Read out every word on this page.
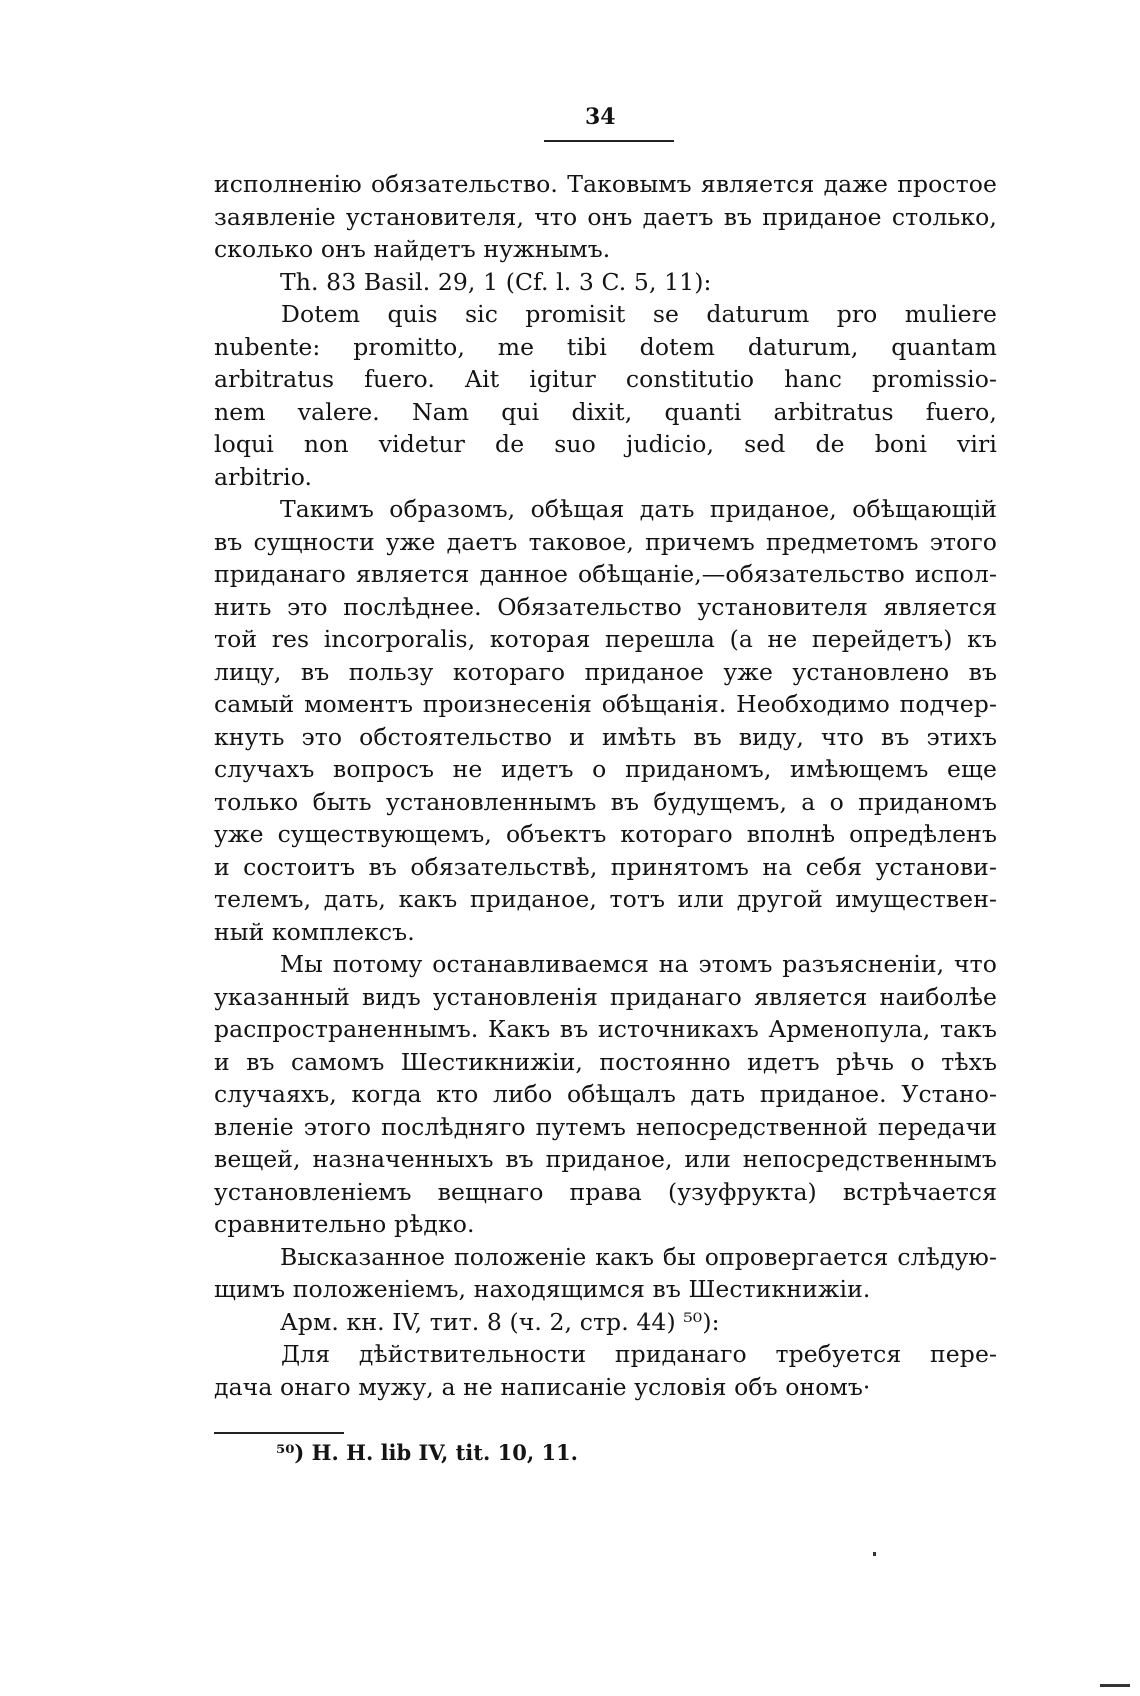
34

исполненiю обязательство. Таковымъ является даже простое
заявленiе установителя, что онъ даетъ въ приданое столько,
сколько онъ найдетъ нужнымъ.

Th. 83 Basil. 29, 1 (Cf. l. 3 C. 5, 11):

Dotem quis sic promisit se daturum pro muliere
nubente: promitto, me tibi dotem daturum, quantam
arbitratus fuero. Ait igitur constitutio hanc promissio-
nem valere. Nam qui dixit, quanti arbitratus fuero,
loqui non videtur de suo judicio, sed de boni viri
arbitrio.

Такимъ образомъ, обѣщая дать приданое, обѣщающiй
въ сущности уже даетъ таковое, причемъ предметомъ этого
приданаго является данное обѣщанiе,—обязательство испол-
нить это послѣднее. Обязательство установителя является
той res incorporalis, которая перешла (а не перейдетъ) къ
лицу, въ пользу котораго приданое уже установлено въ
самый моментъ произнесенiя обѣщанiя. Необходимо подчер-
кнуть это обстоятельство и имѣть въ виду, что въ этихъ
случахъ вопросъ не идетъ о приданомъ, имѣющемъ еще
только быть установленнымъ въ будущемъ, а о приданомъ
уже существующемъ, объектъ котораго вполнѣ опредѣленъ
и состоитъ въ обязательствѣ, принятомъ на себя установи-
телемъ, дать, какъ приданое, тотъ или другой имуществен-
ный комплексъ.

Мы потому останавливаемся на этомъ разъясненiи, что
указанный видъ установленiя приданаго является наиболѣе
распространеннымъ. Какъ въ источникахъ Арменопула, такъ
и въ самомъ Шестикнижiи, постоянно идетъ рѣчь о тѣхъ
случаяхъ, когда кто либо обѣщалъ дать приданое. Устано-
вленiе этого послѣдняго путемъ непосредственной передачи
вещей, назначенныхъ въ приданое, или непосредственнымъ
установленiемъ вещнаго права (узуфрукта) встрѣчается
сравнительно рѣдко.

Высказанное положенiе какъ бы опровергается слѣдую-
щимъ положенiемъ, находящимся въ Шестикнижiи.

Арм. кн. IV, тит. 8 (ч. 2, стр. 44) ⁵⁰):

Для дѣйствительности приданаго требуется пере-
дача онаго мужу, а не написанiе условiя объ ономъ·

⁵⁰) H. H. lib IV, tit. 10, 11.
